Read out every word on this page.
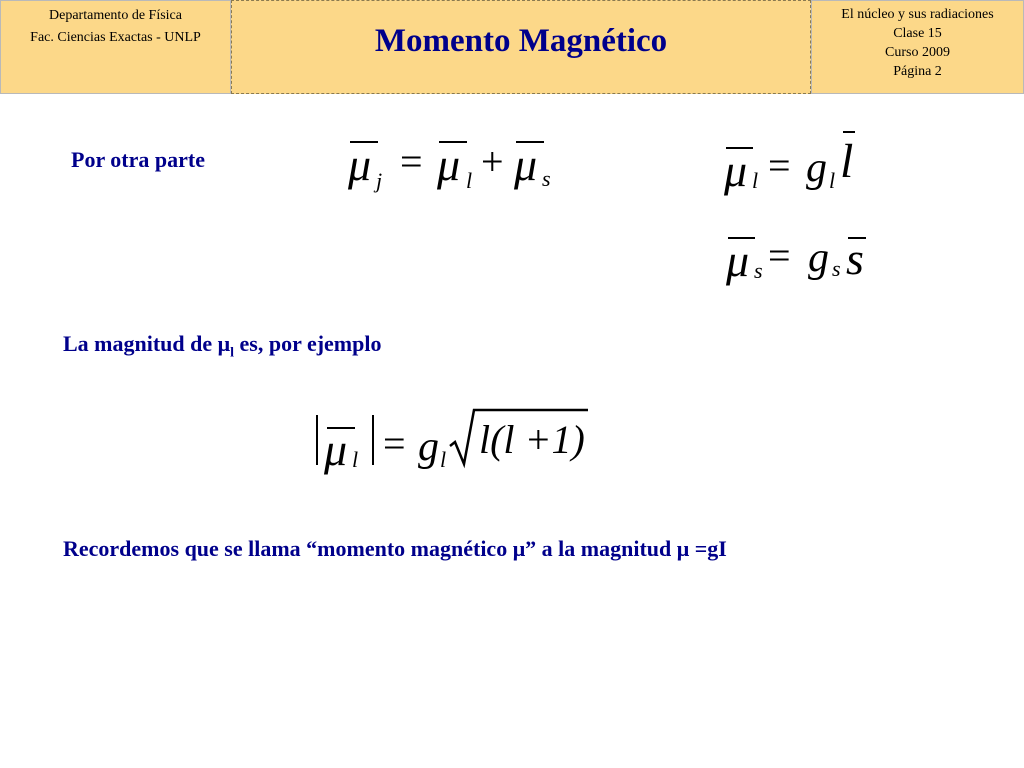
Departamento de Física
Fac. Ciencias Exactas - UNLP	Momento Magnético
El núcleo y sus radiaciones
Clase 15
Curso 2009
Página 2
Por otra parte	μ j = μ l + μ s	μ l = g l l
μ s = g s s
La magnitud de $\mu_l$ es, por ejemplo
μ l = g l l(l +1)
Recordemos que se llama “momento magnético μ” a la magnitud μ =gI
